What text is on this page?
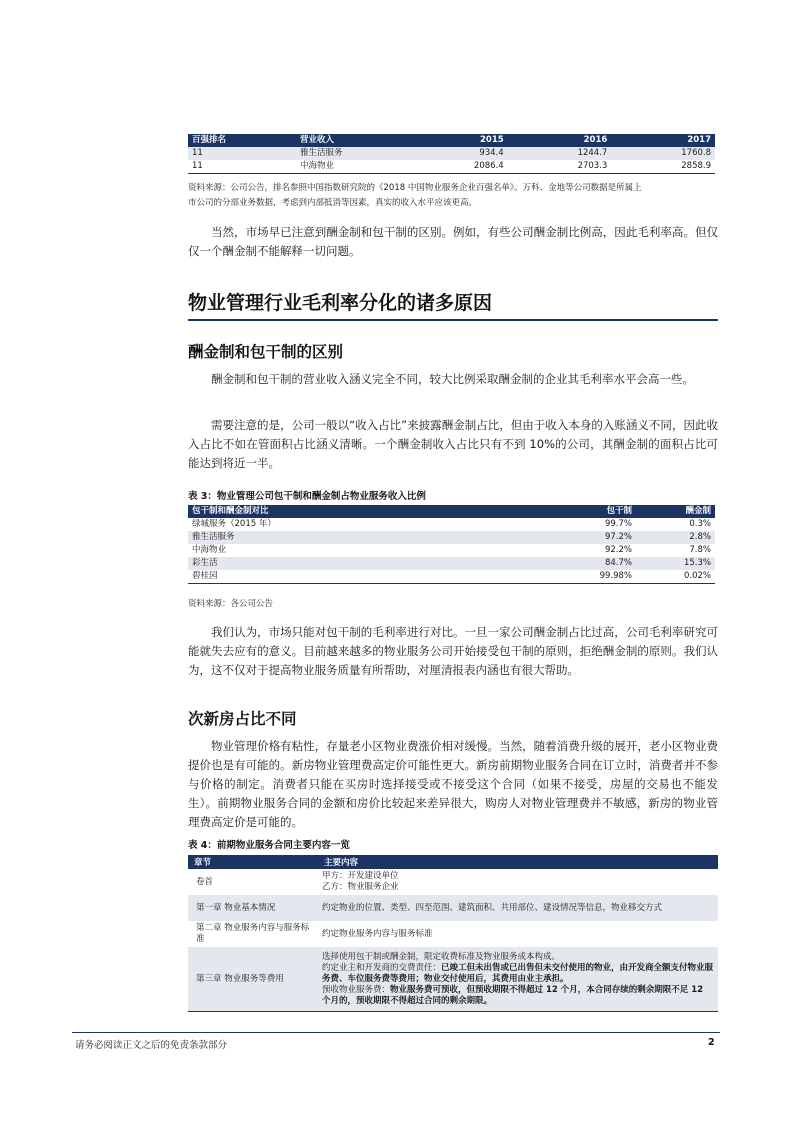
百强排名	营业收入	2015	2016	2017
11	雅生活服务	934.4	1244.7	1760.8
11	中海物业	2086.4	2703.3	2858.9
资料来源：公司公告，排名参照中国指数研究院的《2018 中国物业服务企业百强名单》。万科、金地等公司数据是所属上
市公司的分部业务数据，考虑到内部抵消等因素，真实的收入水平应该更高。

当然，市场早已注意到酬金制和包干制的区别。例如，有些公司酬金制比例高，因此毛利率高。但仅仅一个酬金制不能解释一切问题。

物业管理行业毛利率分化的诸多原因
酬金制和包干制的区别

酬金制和包干制的营业收入涵义完全不同，较大比例采取酬金制的企业其毛利率水平会高一些。

需要注意的是，公司一般以“收入占比”来披露酬金制占比，但由于收入本身的入账涵义不同，因此收入占比不如在管面积占比涵义清晰。一个酬金制收入占比只有不到 10%的公司，其酬金制的面积占比可能达到将近一半。

表 3：物业管理公司包干制和酬金制占物业服务收入比例
包干制和酬金制对比	包干制	酬金制
绿城服务（2015 年）	99.7%	0.3%
雅生活服务	97.2%	2.8%
中海物业	92.2%	7.8%
彩生活	84.7%	15.3%
碧桂园	99.98%	0.02%
资料来源：各公司公告

我们认为，市场只能对包干制的毛利率进行对比。一旦一家公司酬金制占比过高，公司毛利率研究可能就失去应有的意义。目前越来越多的物业服务公司开始接受包干制的原则，拒绝酬金制的原则。我们认为，这不仅对于提高物业服务质量有所帮助，对厘清报表内涵也有很大帮助。

次新房占比不同

物业管理价格有粘性，存量老小区物业费涨价相对缓慢。当然，随着消费升级的展开，老小区物业费提价也是有可能的。新房物业管理费高定价可能性更大。新房前期物业服务合同在订立时，消费者并不参与价格的制定。消费者只能在买房时选择接受或不接受这个合同（如果不接受，房屋的交易也不能发生）。前期物业服务合同的金额和房价比较起来差异很大，购房人对物业管理费并不敏感，新房的物业管理费高定价是可能的。

表 4：前期物业服务合同主要内容一览
章节	主要内容
卷首	甲方：开发建设单位
乙方：物业服务企业

第一章 物业基本情况	约定物业的位置、类型、四至范围、建筑面积、共用部位、建设情况等信息，物业移交方式
第二章 物业服务内容与服务标准	约定物业服务内容与服务标准
第三章 物业服务等费用	选择使用包干制或酬金制，限定收费标准及物业服务成本构成。
约定业主和开发商的交费责任：已竣工但未出售或已出售但未交付使用的物业，由开发商全额支付物业服务费、车位服务费等费用；物业交付使用后，其费用由业主承担。
预收物业服务费：物业服务费可预收，但预收期限不得超过 12 个月，本合同存续的剩余期限不足 12 个月的，预收期限不得超过合同的剩余期限。
请务必阅读正文之后的免责条款部分	2
